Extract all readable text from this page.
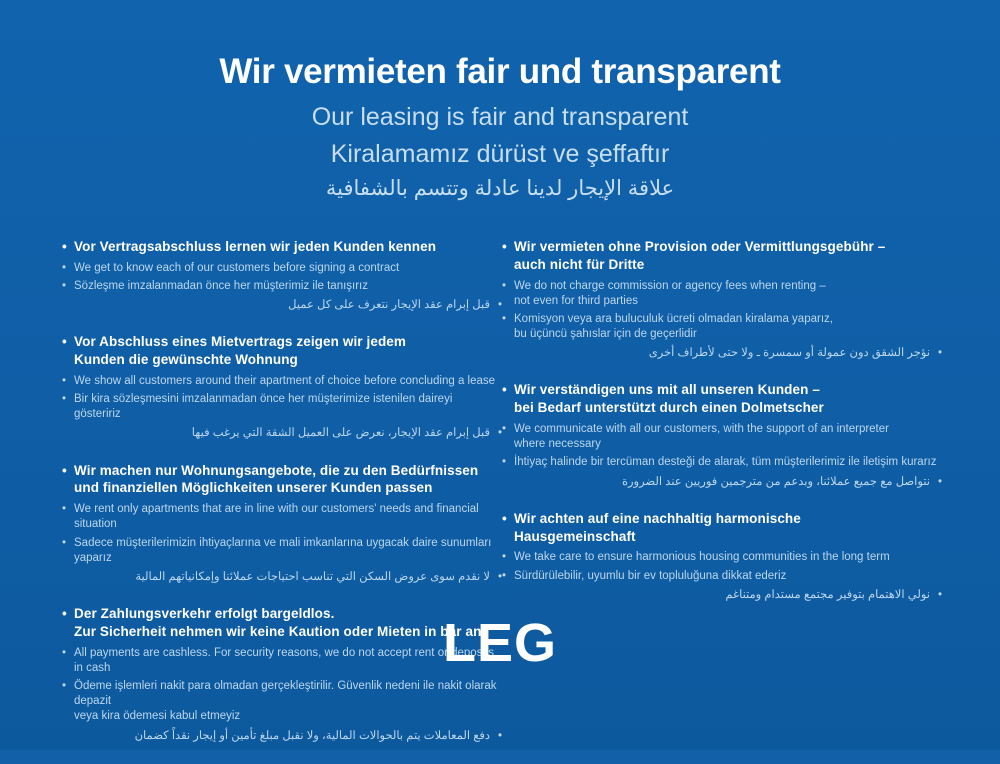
Wir vermieten fair und transparent
Our leasing is fair and transparent
Kiralamamız dürüst ve şeffaftır
علاقة الإيجار لدينا عادلة وتتسم بالشفافية
• Vor Vertragsabschluss lernen wir jeden Kunden kennen
• We get to know each of our customers before signing a contract
• Sözleşme imzalanmadan önce her müşterimiz ile tanışırız
•
قبل إبرام عقد الإيجار نتعرف على كل عميل
• Vor Abschluss eines Mietvertrags zeigen wir jedem
Kunden die gewünschte Wohnung
• We show all customers around their apartment of choice before concluding a lease
• Bir kira sözleşmesini imzalanmadan önce her müşterimize istenilen daireyi gösteririz
•
قبل إبرام عقد الإيجار، نعرض على العميل الشقة التي يرغب فيها
• Wir machen nur Wohnungsangebote, die zu den Bedürfnissen
und finanziellen Möglichkeiten unserer Kunden passen
• We rent only apartments that are in line with our customers' needs and financial situation
• Sadece müşterilerimizin ihtiyaçlarına ve mali imkanlarına uygacak daire sunumları yaparız
•
لا نقدم سوى عروض السكن التي تناسب احتياجات عملائنا وإمكانياتهم المالية
• Der Zahlungsverkehr erfolgt bargeldlos.
Zur Sicherheit nehmen wir keine Kaution oder Mieten in bar an
• All payments are cashless. For security reasons, we do not accept rent or deposits in cash
• Ödeme işlemleri nakit para olmadan gerçekleştirilir. Güvenlik nedeni ile nakit olarak depazit
veya kira ödemesi kabul etmeyiz
•
دفع المعاملات يتم بالحوالات المالية، ولا نقبل مبلغ تأمين أو إيجار نقداً كضمان
• Wir vermieten ohne Provision oder Vermittlungsgebühr –
auch nicht für Dritte
• We do not charge commission or agency fees when renting –
not even for third parties
• Komisyon veya ara buluculuk ücreti olmadan kiralama yaparız,
bu üçüncü şahıslar için de geçerlidir
•
نؤجر الشقق دون عمولة أو سمسرة ـ ولا حتى لأطراف أخرى
• Wir verständigen uns mit all unseren Kunden –
bei Bedarf unterstützt durch einen Dolmetscher
• We communicate with all our customers, with the support of an interpreter
where necessary
• İhtiyaç halinde bir tercüman desteği de alarak, tüm müşterilerimiz ile iletişim kurarız
•
نتواصل مع جميع عملائنا، وبدعم من مترجمين فوريين عند الضرورة
• Wir achten auf eine nachhaltig harmonische
Hausgemeinschaft
• We take care to ensure harmonious housing communities in the long term
• Sürdürülebilir, uyumlu bir ev topluluğuna dikkat ederiz
•
نولي الاهتمام بتوفير مجتمع مستدام ومتناغم
LEG
